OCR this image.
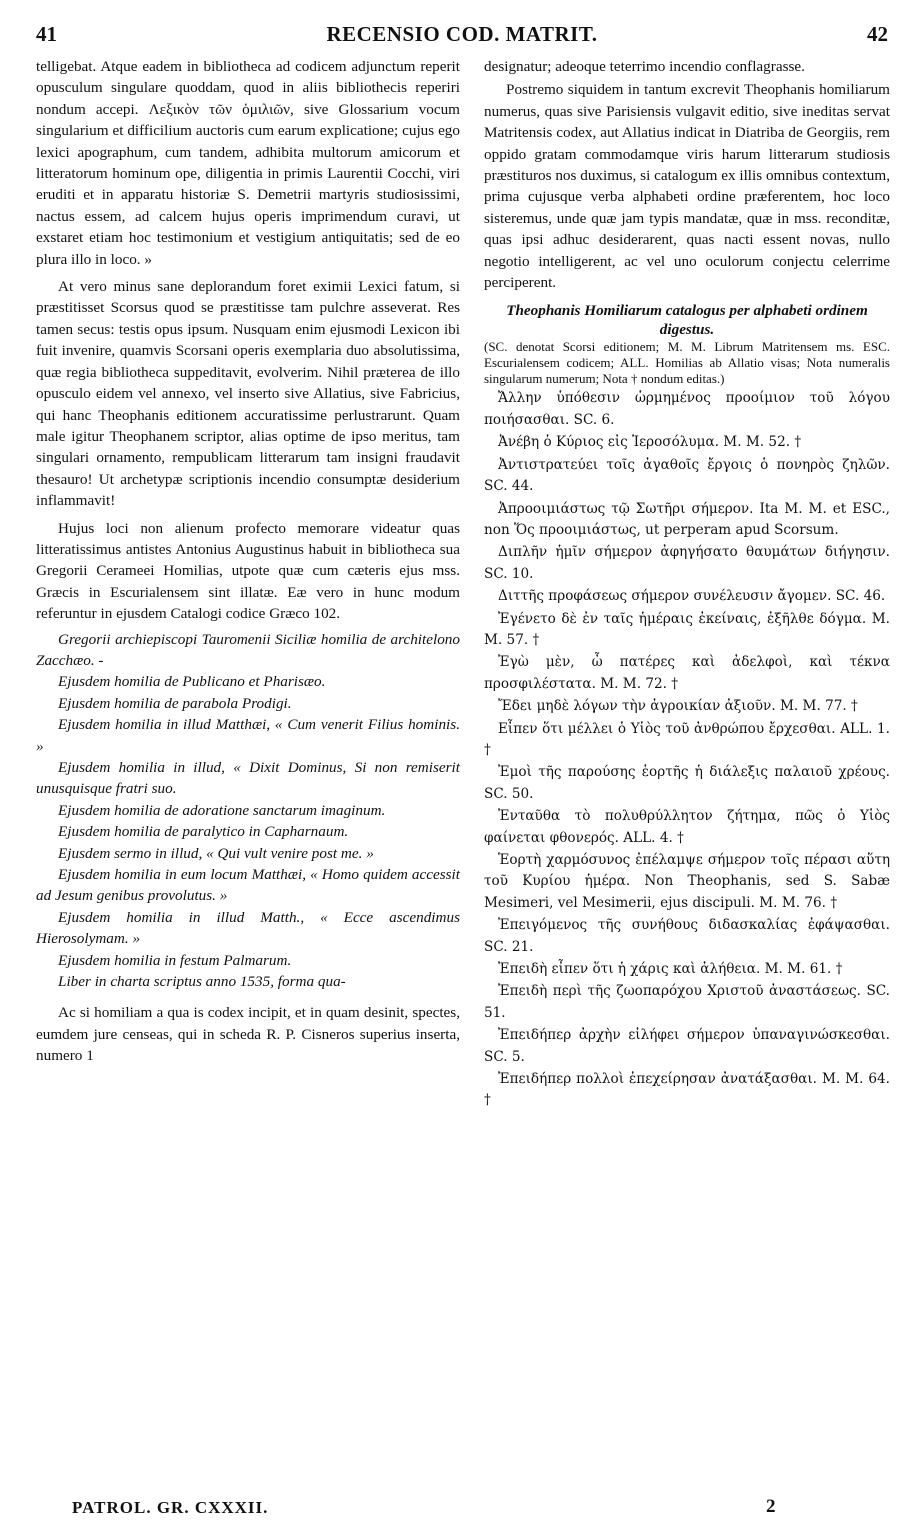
41	RECENSIO COD. MATRIT.	42

telligebat. Atque eadem in bibliotheca ad codicem adjunctum reperit opusculum singulare quoddam, quod in aliis bibliothecis reperiri nondum accepi. Λεξικὸν τῶν ὁμιλιῶν, sive Glossarium vocum singularium et difficilium auctoris cum earum explicatione; cujus ego lexici apographum, cum tandem, adhibita multorum amicorum et litteratorum hominum ope, diligentia in primis Laurentii Cocchi, viri eruditi et in apparatu historiæ S. Demetrii martyris studiosissimi, nactus essem, ad calcem hujus operis imprimendum curavi, ut exstaret etiam hoc testimonium et vestigium antiquitatis; sed de eo plura illo in loco. »

At vero minus sane deplorandum foret eximii Lexici fatum, si præstitisset Scorsus quod se præstitisse tam pulchre asseverat. Res tamen secus: testis opus ipsum. Nusquam enim ejusmodi Lexicon ibi fuit invenire, quamvis Scorsani operis exemplaria duo absolutissima, quæ regia bibliotheca suppeditavit, evolverim. Nihil præterea de illo opusculo eidem vel annexo, vel inserto sive Allatius, sive Fabricius, qui hanc Theophanis editionem accuratissime perlustrarunt. Quam male igitur Theophanem scriptor, alias optime de ipso meritus, tam singulari ornamento, rempublicam litterarum tam insigni fraudavit thesauro! Ut archetypæ scriptionis incendio consumptæ desiderium inflammavit!

Hujus loci non alienum profecto memorare videatur quas litteratissimus antistes Antonius Augustinus habuit in bibliotheca sua Gregorii Cerameei Homilias, utpote quæ cum cæteris ejus mss. Græcis in Escurialensem sint illatæ. Eæ vero in hunc modum referuntur in ejusdem Catalogi codice Græco 102.

Gregorii archiepiscopi Tauromenii Siciliæ homilia de architelono Zacchæo. -

Ejusdem homilia de Publicano et Pharisæo.

Ejusdem homilia de parabola Prodigi.

Ejusdem homilia in illud Matthæi, « Cum venerit Filius hominis. »

Ejusdem homilia in illud, « Dixit Dominus, Si non remiserit unusquisque fratri suo.

Ejusdem homilia de adoratione sanctarum imaginum.

Ejusdem homilia de paralytico in Capharnaum.

Ejusdem sermo in illud, « Qui vult venire post me. »

Ejusdem homilia in eum locum Matthæi, « Homo quidem accessit ad Jesum genibus provolutus. »

Ejusdem homilia in illud Matth., « Ecce ascendimus Hierosolymam. »

Ejusdem homilia in festum Palmarum.

Liber in charta scriptus anno 1535, forma qua-

Ac si homiliam a qua is codex incipit, et in quam desinit, spectes, eumdem jure censeas, qui in scheda R. P. Cisneros superius inserta, numero 1

designatur; adeoque teterrimo incendio conflagrasse.

Postremo siquidem in tantum excrevit Theophanis homiliarum numerus, quas sive Parisiensis vulgavit editio, sive ineditas servat Matritensis codex, aut Allatius indicat in Diatriba de Georgiis, rem oppido gratam commodamque viris harum litterarum studiosis præstituros nos duximus, si catalogum ex illis omnibus contextum, prima cujusque verba alphabeti ordine præferentem, hoc loco sisteremus, unde quæ jam typis mandatæ, quæ in mss. reconditæ, quas ipsi adhuc desiderarent, quas nacti essent novas, nullo negotio intelligerent, ac vel uno oculorum conjectu celerrime perciperent.

Theophanis Homiliarum catalogus per alphabeti ordinem digestus.

(SC. denotat Scorsi editionem; M. M. Librum Matritensem ms. ESC. Escurialensem codicem; ALL. Homilias ab Allatio visas; Nota numeralis singularum numerum; Nota † nondum editas.)

Ἄλλην ὑπόθεσιν ὡρμημένος προοίμιον τοῦ λόγου ποιήσασθαι. SC. 6.

Ἀνέβη ὁ Κύριος εἰς Ἱεροσόλυμα. M. M. 52. †

Ἀντιστρατεύει τοῖς ἀγαθοῖς ἔργοις ὁ πονηρὸς ζηλῶν. SC. 44.

Ἀπροοιμιάστως τῷ Σωτῆρι σήμερον. Ita M. M. et ESC., non Ὅς προοιμιάστως, ut perperam apud Scorsum.

Διπλῆν ἡμῖν σήμερον ἀφηγήσατο θαυμάτων διήγησιν. SC. 10.

Διττῆς προφάσεως σήμερον συνέλευσιν ἄγομεν. SC. 46.

Ἐγένετο δὲ ἐν ταῖς ἡμέραις ἐκείναις, ἐξῆλθε δόγμα. M. M. 57. †

Ἐγὼ μὲν, ὦ πατέρες καὶ ἀδελφοὶ, καὶ τέκνα προσφιλέστατα. M. M. 72. †

Ἔδει μηδὲ λόγων τὴν ἀγροικίαν ἀξιοῦν. M. M. 77. †

Εἶπεν ὅτι μέλλει ὁ Υἱὸς τοῦ ἀνθρώπου ἔρχεσθαι. ALL. 1. †

Ἐμοὶ τῆς παρούσης ἑορτῆς ἡ διάλεξις παλαιοῦ χρέους. SC. 50.

Ἐνταῦθα τὸ πολυθρύλλητον ζήτημα, πῶς ὁ Υἱὸς φαίνεται φθονερός. ALL. 4. †

Ἑορτὴ χαρμόσυνος ἐπέλαμψε σήμερον τοῖς πέρασι αὕτη τοῦ Κυρίου ἡμέρα. Non Theophanis, sed S. Sabæ Mesimeri, vel Mesimerii, ejus discipuli. M. M. 76. †

Ἐπειγόμενος τῆς συνήθους διδασκαλίας ἐφάψασθαι. SC. 21.

Ἐπειδὴ εἶπεν ὅτι ἡ χάρις καὶ ἀλήθεια. M. M. 61. †

Ἐπειδὴ περὶ τῆς ζωοπαρόχου Χριστοῦ ἀναστάσεως. SC. 51.

Ἐπειδήπερ ἀρχὴν εἰλήφει σήμερον ὑπαναγινώσκεσθαι. SC. 5.

Ἐπειδήπερ πολλοὶ ἐπεχείρησαν ἀνατάξασθαι. M. M. 64. †

PATROL. GR. CXXXII.	2
